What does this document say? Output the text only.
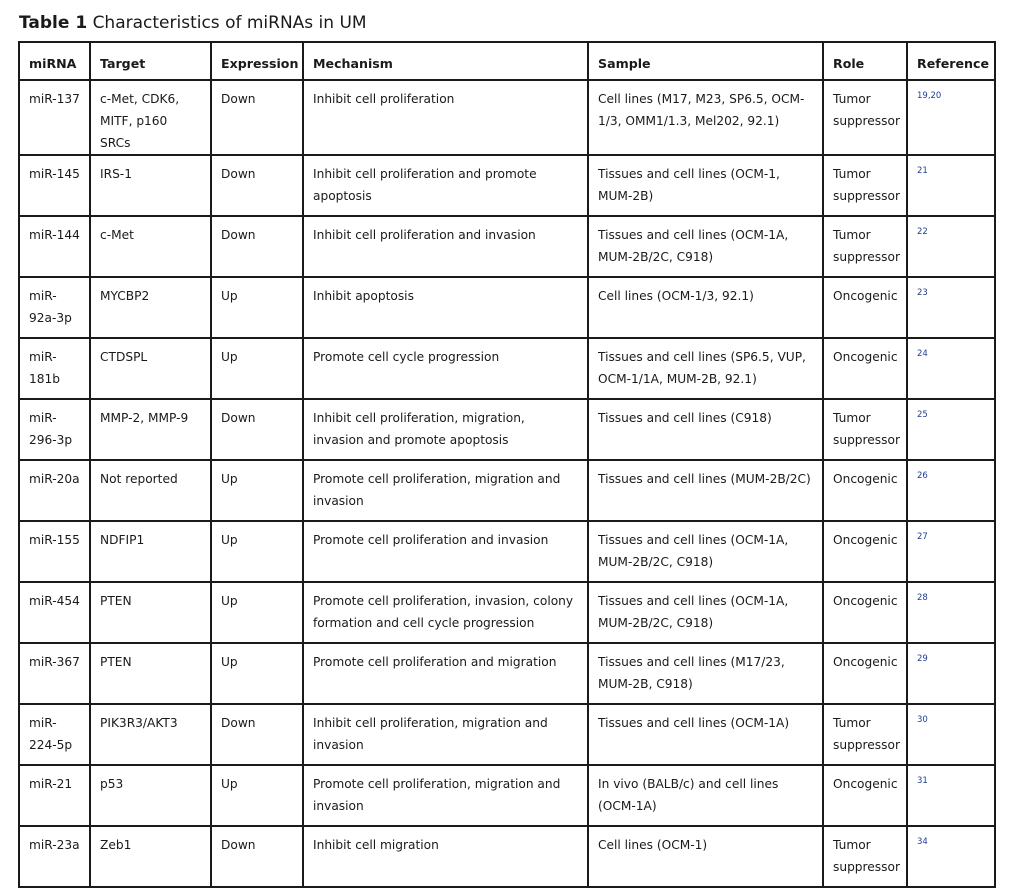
Table 1 Characteristics of miRNAs in UM
miRNA	Target	Expression	Mechanism	Sample	Role	Reference
miR-137	c-Met, CDK6, MITF, p160 SRCs	Down	Inhibit cell proliferation	Cell lines (M17, M23, SP6.5, OCM-1/3, OMM1/1.3, Mel202, 92.1)	Tumor suppressor	19,20
miR-145	IRS-1	Down	Inhibit cell proliferation and promote apoptosis	Tissues and cell lines (OCM-1, MUM-2B)	Tumor suppressor	21
miR-144	c-Met	Down	Inhibit cell proliferation and invasion	Tissues and cell lines (OCM-1A, MUM-2B/2C, C918)	Tumor suppressor	22
miR-92a-3p	MYCBP2	Up	Inhibit apoptosis	Cell lines (OCM-1/3, 92.1)	Oncogenic	23
miR-181b	CTDSPL	Up	Promote cell cycle progression	Tissues and cell lines (SP6.5, VUP, OCM-1/1A, MUM-2B, 92.1)	Oncogenic	24
miR-296-3p	MMP-2, MMP-9	Down	Inhibit cell proliferation, migration, invasion and promote apoptosis	Tissues and cell lines (C918)	Tumor suppressor	25
miR-20a	Not reported	Up	Promote cell proliferation, migration and invasion	Tissues and cell lines (MUM-2B/2C)	Oncogenic	26
miR-155	NDFIP1	Up	Promote cell proliferation and invasion	Tissues and cell lines (OCM-1A, MUM-2B/2C, C918)	Oncogenic	27
miR-454	PTEN	Up	Promote cell proliferation, invasion, colony formation and cell cycle progression	Tissues and cell lines (OCM-1A, MUM-2B/2C, C918)	Oncogenic	28
miR-367	PTEN	Up	Promote cell proliferation and migration	Tissues and cell lines (M17/23, MUM-2B, C918)	Oncogenic	29
miR-224-5p	PIK3R3/AKT3	Down	Inhibit cell proliferation, migration and invasion	Tissues and cell lines (OCM-1A)	Tumor suppressor	30
miR-21	p53	Up	Promote cell proliferation, migration and invasion	In vivo (BALB/c) and cell lines (OCM-1A)	Oncogenic	31
miR-23a	Zeb1	Down	Inhibit cell migration	Cell lines (OCM-1)	Tumor suppressor	34
